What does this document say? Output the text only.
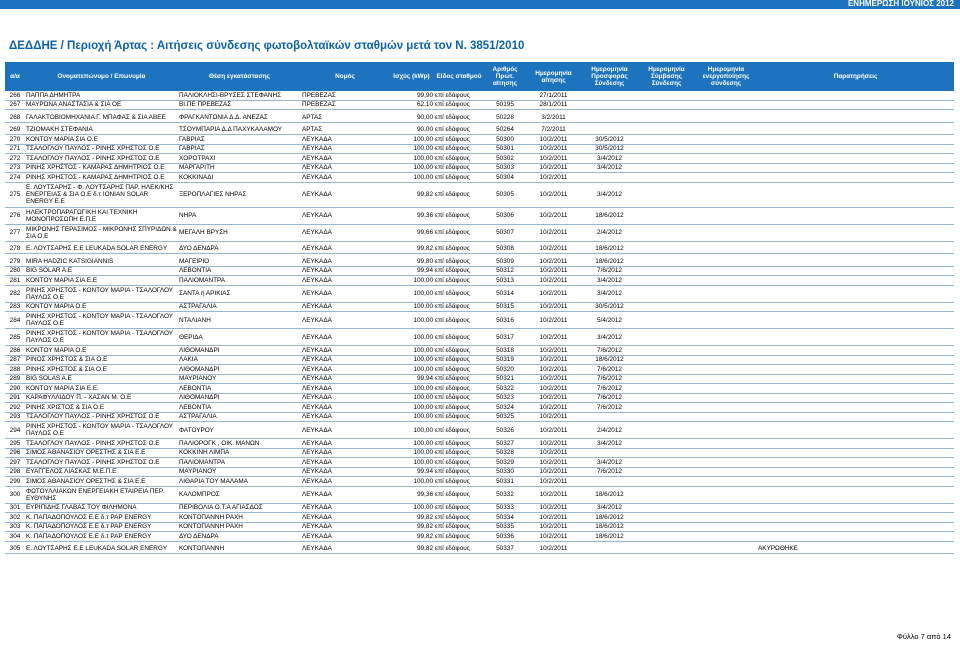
ΕΝΗΜΕΡΩΣΗ ΙΟΥΝΙΟΣ 2012
ΔΕΔΔΗΕ / Περιοχή Άρτας : Αιτήσεις σύνδεσης φωτοβολταϊκών σταθμών μετά τον Ν. 3851/2010
α/α	Ονοματεπώνυμο / Επωνυμία	Θέση εγκατάστασης	Νομός	Ισχύς (kWp)	Είδος σταθμού	Αριθμός Πρωτ. αίτησης	Ημερομηνία αίτησης	Ημερομηνία Προσφοράς Σύνδεσης	Ημερομηνία Σύμβασης Σύνδεσης	Ημερομηνία ενεργοποίησης σύνδεσης	Παρατηρήσεις
266	ΠΑΠΠΑ ΔΗΜΗΤΡΑ	ΠΑΛΙΟΚΛΗΣΙ-ΒΡΥΣΕΣ ΣΤΕΦΑΝΗΣ	ΠΡΕΒΕΖΑΣ	99,90	επί εδάφους		27/1/2011				
267	ΜΑΥΡΩΝΑ ΑΝΑΣΤΑΣΙΑ & ΣΙΑ ΟΕ	ΒΙ.ΠΕ ΠΡΕΒΕΖΑΣ	ΠΡΕΒΕΖΑΣ	62,10	επί εδάφους	50195	28/1/2011				

268	ΓΑΛΑΚΤΟΒΙΟΜΗΧΑΝΙΑ Γ. ΜΠΑΦΑΣ & ΣΙΑ ΑΒΕΕ	ΦΡΑΓΚΑΝΤΩΝΙΑ Δ.Δ. ΑΝΕΖΑΣ	ΑΡΤΑΣ	90,00	επί εδάφους	50228	3/2/2011				

269	ΤΖΙΟΜΑΚΗ ΣΤΕΦΑΝΙΑ	ΤΣΟΥΜΠΑΡΙΑ Δ.Δ ΠΑΧΥΚΑΛΑΜΟΥ	ΑΡΤΑΣ	90,00	επί εδάφους	50264	7/2/2011				
270	ΚΟΝΤΟΥ ΜΑΡΙΑ ΣΙΑ Ο.Ε	ΓΑΒΡΙΑΣ	ΛΕΥΚΑΔΑ	100,00	επί εδάφους	50300	10/2/2011	30/5/2012			
271	ΤΣΑΛΟΓΛΟΥ ΠΑΥΛΟΣ - ΡΙΝΗΣ ΧΡΗΣΤΟΣ Ο.Ε	ΓΑΒΡΙΑΣ	ΛΕΥΚΑΔΑ	100,00	επί εδάφους	50301	10/2/2011	30/5/2012			
272	ΤΣΑΛΟΓΛΟΥ ΠΑΥΛΟΣ - ΡΙΝΗΣ ΧΡΗΣΤΟΣ Ο.Ε	ΧΟΡΟΤΡΑΧΙ	ΛΕΥΚΑΔΑ	100,00	επί εδάφους	50302	10/2/2011	3/4/2012			
273	ΡΙΝΗΣ ΧΡΗΣΤΟΣ - ΚΑΜΑΡΑΣ ΔΗΜΗΤΡΙΟΣ Ο.Ε	ΜΑΡΓΑΡΙΤΗ	ΛΕΥΚΑΔΑ	100,00	επί εδάφους	50303	10/2/2011	3/4/2012			
274	ΡΙΝΗΣ ΧΡΗΣΤΟΣ - ΚΑΜΑΡΑΣ ΔΗΜΗΤΡΙΟΣ Ο.Ε	ΚΟΚΚΙΝΑΔΙ	ΛΕΥΚΑΔΑ	100,00	επί εδάφους	50304	10/2/2011				
275	Ε. ΛΟΥΤΣΑΡΗΣ - Φ. ΛΟΥΤΣΑΡΗΣ ΠΑΡ. ΗΛΕΚ/ΚΗΣ ΕΝΕΡΓΕΙΑΣ & ΣΙΑ Ο.Ε δ.τ IONIAN SOLAR ENERGY Ε.Ε	ΞΕΡΟΠΛΑΓΙΕΣ ΝΗΡΑΣ	ΛΕΥΚΑΔΑ	99,82	επί εδάφους	50305	10/2/2011	3/4/2012			
276	ΗΛΕΚΤΡΟΠΑΡΑΓΩΓΙΚΗ ΚΑΙ ΤΕΧΝΙΚΗ ΜΟΝΟΠΡΟΣΩΠΗ Ε.Π.Ε	ΝΗΡΑ	ΛΕΥΚΑΔΑ	99,36	επί εδάφους	50306	10/2/2011	18/6/2012			
277	ΜΙΚΡΩΝΗΣ ΓΕΡΑΣΙΜΟΣ - ΜΙΚΡΩΝΗΣ ΣΠΥΡΙΔΩΝ & ΣΙΑ Ο.Ε	ΜΕΓΑΛΗ ΒΡΥΣΗ	ΛΕΥΚΑΔΑ	99,66	επί εδάφους	50307	10/2/2011	2/4/2012			

278	Ε. ΛΟΥΤΣΑΡΗΣ Ε.Ε LEUKADA SOLAR ENERGY	ΔΥΟ ΔΕΝΔΡΑ	ΛΕΥΚΑΔΑ	99,82	επί εδάφους	50308	10/2/2011	18/6/2012			

279	MIRA HADZIC KATSIGIANNIS	ΜΑΓΕΙΡΙΟ	ΛΕΥΚΑΔΑ	99,80	επί εδάφους	50309	10/2/2011	18/6/2012			
280	BIG SOLAR A.E	ΛΕΒΟΝΤΙΑ	ΛΕΥΚΑΔΑ	99,94	επί εδάφους	50312	10/2/2011	7/6/2012			
281	ΚΟΝΤΟΥ ΜΑΡΙΑ ΣΙΑ Ε.Ε	ΠΑΛΙΟΜΑΝΤΡΑ	ΛΕΥΚΑΔΑ	100,00	επί εδάφους	50313	10/2/2011	3/4/2012			
282	ΡΙΝΗΣ ΧΡΗΣΤΟΣ - ΚΟΝΤΟΥ ΜΑΡΙΑ - ΤΣΑΛΟΓΛΟΥ ΠΑΥΛΟΣ Ο.Ε	ΣΑΝΤΑ ή ΑΡΙΚΙΑΣ	ΛΕΥΚΑΔΑ	100,00	επί εδάφους	50314	10/2/2011	3/4/2012			
283	ΚΟΝΤΟΥ ΜΑΡΙΑ Ο.Ε	ΑΣΤΡΑΓΑΛΙΑ	ΛΕΥΚΑΔΑ	100,00	επί εδάφους	50315	10/2/2011	30/5/2012			
284	ΡΙΝΗΣ ΧΡΗΣΤΟΣ - ΚΟΝΤΟΥ ΜΑΡΙΑ - ΤΣΑΛΟΓΛΟΥ ΠΑΥΛΟΣ Ο.Ε	ΝΤΑΛΙΑΝΗ	ΛΕΥΚΑΔΑ	100,00	επί εδάφους	50316	10/2/2011	5/4/2012			
285	ΡΙΝΗΣ ΧΡΗΣΤΟΣ - ΚΟΝΤΟΥ ΜΑΡΙΑ - ΤΣΑΛΟΓΛΟΥ ΠΑΥΛΟΣ Ο.Ε	ΘΕΡΙΔΑ	ΛΕΥΚΑΔΑ	100,00	επί εδάφους	50317	10/2/2011	3/4/2012			
286	ΚΟΝΤΟΥ ΜΑΡΙΑ Ο.Ε	ΛΙΘΟΜΑΝΔΡΙ	ΛΕΥΚΑΔΑ	100,00	επί εδάφους	50318	10/2/2011	7/6/2012			
287	ΡΙΝΟΣ ΧΡΗΣΤΟΣ & ΣΙΑ Ο.Ε	ΛΑΚΙΑ	ΛΕΥΚΑΔΑ	100,00	επί εδάφους	50319	10/2/2011	18/6/2012			
288	ΡΙΝΗΣ ΧΡΗΣΤΟΣ & ΣΙΑ Ο.Ε	ΛΙΘΟΜΑΝΔΡΙ	ΛΕΥΚΑΔΑ	100,00	επί εδάφους	50320	10/2/2011	7/6/2012			
289	BIG SOLAS A.E	ΜΑΥΡΙΑΝΟΥ	ΛΕΥΚΑΔΑ	99,94	επί εδάφους	50321	10/2/2011	7/6/2012			
290	ΚΟΝΤΟΥ ΜΑΡΙΑ ΣΙΑ Ε.Ε.	ΛΕΒΟΝΤΙΑ	ΛΕΥΚΑΔΑ	100,00	επί εδάφους	50322	10/2/2011	7/6/2012			
291	ΚΑΡΑΦΥΛΛΙΔΟΥ Π. - ΧΑΣΑΝ Μ. Ο.Ε	ΛΙΘΟΜΑΝΔΡΙ	ΛΕΥΚΑΔΑ	100,00	επί εδάφους	50323	10/2/2011	7/6/2012			
292	ΡΙΝΗΣ ΧΡΙΣΤΟΣ & ΣΙΑ Ο.Ε	ΛΕΒΟΝΤΙΑ	ΛΕΥΚΑΔΑ	100,00	επί εδάφους	50324	10/2/2011	7/6/2012			
293	ΤΣΑΛΟΓΛΟΥ ΠΑΥΛΟΣ - ΡΙΝΗΣ ΧΡΗΣΤΟΣ Ο.Ε	ΑΣΤΡΑΓΑΛΙΑ	ΛΕΥΚΑΔΑ	100,00	επί εδάφους	50325	10/2/2011				
294	ΡΙΝΗΣ ΧΡΗΣΤΟΣ - ΚΟΝΤΟΥ ΜΑΡΙΑ - ΤΣΑΛΟΓΛΟΥ ΠΑΥΛΟΣ Ο.Ε	ΦΑΤΟΥΡΟΥ	ΛΕΥΚΑΔΑ	100,00	επί εδάφους	50326	10/2/2011	2/4/2012			
295	ΤΣΑΛΟΓΛΟΥ ΠΑΥΛΟΣ - ΡΙΝΗΣ ΧΡΗΣΤΟΣ Ο.Ε	ΠΑΛΙΟΡΟΓΚ , ΟΙΚ. ΜΑΝΩΝ	ΛΕΥΚΑΔΑ	100,00	επί εδάφους	50327	10/2/2011	3/4/2012			
296	ΣΙΜΟΣ ΑΘΑΝΑΣΙΟΥ ΟΡΕΣΤΗΣ & ΣΙΑ Ε.Ε	ΚΟΚΚΙΝΗ ΛΙΜΠΑ	ΛΕΥΚΑΔΑ	100,00	επί εδάφους	50328	10/2/2011				
297	ΤΣΑΛΟΓΛΟΥ ΠΑΥΛΟΣ - ΡΙΝΗΣ ΧΡΗΣΤΟΣ Ο.Ε	ΠΑΛΙΟΜΑΝΤΡΑ	ΛΕΥΚΑΔΑ	100,00	επί εδάφους	50329	10/2/2011	3/4/2012			
298	ΕΥΑΓΓΕΛΟΣ ΛΙΑΣΚΑΣ Μ.Ε.Π.Ε	ΜΑΥΡΙΑΝΟΥ	ΛΕΥΚΑΔΑ	99,94	επί εδάφους	50330	10/2/2011	7/6/2012			
299	ΣΙΜΟΣ ΑΘΑΝΑΣΙΟΥ ΟΡΕΣΤΗΣ & ΣΙΑ Ε.Ε	ΛΙΘΑΡΙΑ ΤΟΥ ΜΑΛΑΜΑ	ΛΕΥΚΑΔΑ	100,00	επί εδάφους	50331	10/2/2011				
300	ΦΩΤΟΥΛΛΙΑΚΩΝ ΕΝΕΡΓΕΙΑΚΗ ΕΤΑΙΡΕΙΑ ΠΕΡ. ΕΥΘΥΝΗΣ	ΚΑΛΟΜΠΡΟΣ	ΛΕΥΚΑΔΑ	99,36	επί εδάφους	50332	10/2/2011	18/6/2012			
301	ΕΥΡΙΠΙΔΗΣ ΓΛΑΒΑΣ ΤΟΥ ΦΙΛΗΜΟΝΑ	ΠΕΡΙΒΟΛΙΑ Ο.Τ.Α ΑΓΙΑΣΔΟΣ	ΛΕΥΚΑΔΑ	100,00	επί εδάφους	50333	10/2/2011	3/4/2012			
302	Κ. ΠΑΠΑΔΟΠΟΥΛΟΣ Ε.Ε δ.τ PAP ENERGY	ΚΟΝΤΟΠΑΝΝΗ ΡΑΧΗ	ΛΕΥΚΑΔΑ	99,82	επί εδάφους	50334	10/2/2011	18/6/2012			
303	Κ. ΠΑΠΑΔΟΠΟΥΛΟΣ Ε.Ε δ.τ PAP ENERGY	ΚΟΝΤΟΠΑΝΝΗ ΡΑΧΗ	ΛΕΥΚΑΔΑ	99,82	επί εδάφους	50335	10/2/2011	18/6/2012			
304	Κ. ΠΑΠΑΔΟΠΟΥΛΟΣ Ε.Ε δ.τ PAP ENERGY	ΔΥΟ ΔΕΝΔΡΑ	ΛΕΥΚΑΔΑ	99,82	επί εδάφους	50336	10/2/2011	18/6/2012			

305	Ε. ΛΟΥΤΣΑΡΗΣ Ε.Ε LEUKADA SOLAR ENERGY	ΚΟΝΤΟΠΑΝΝΗ	ΛΕΥΚΑΔΑ	99,82	επί εδάφους	50337	10/2/2011				ΑΚΥΡΩΘΗΚΕ
Φύλλο 7 από 14
